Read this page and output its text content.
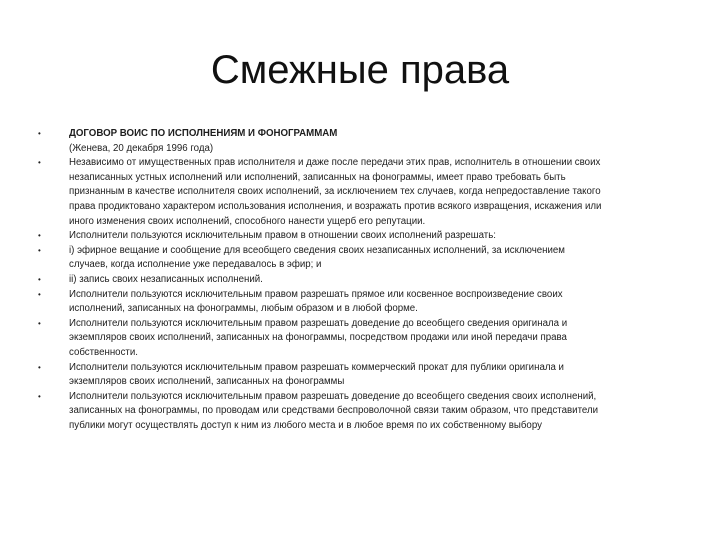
Смежные права
•	ДОГОВОР ВОИС ПО ИСПОЛНЕНИЯМ И ФОНОГРАММАМ
(Женева, 20 декабря 1996 года)
•	Независимо от имущественных прав исполнителя и даже после передачи этих прав, исполнитель в отношении своих
незаписанных устных исполнений или исполнений, записанных на фонограммы, имеет право требовать быть
признанным в качестве исполнителя своих исполнений, за исключением тех случаев, когда непредоставление такого
права продиктовано характером использования исполнения, и возражать против всякого извращения, искажения или
иного изменения своих исполнений, способного нанести ущерб его репутации.
•	Исполнители пользуются исключительным правом в отношении своих исполнений разрешать:
•	i) эфирное вещание и сообщение для всеобщего сведения своих незаписанных исполнений, за исключением
случаев, когда исполнение уже передавалось в эфир; и
•	ii) запись своих незаписанных исполнений.
•	Исполнители пользуются исключительным правом разрешать прямое или косвенное воспроизведение своих
исполнений, записанных на фонограммы, любым образом и в любой форме.
•	Исполнители пользуются исключительным правом разрешать доведение до всеобщего сведения оригинала и
экземпляров своих исполнений, записанных на фонограммы, посредством продажи или иной передачи права
собственности.
•	Исполнители пользуются исключительным правом разрешать коммерческий прокат для публики оригинала и
экземпляров своих исполнений, записанных на фонограммы
•	Исполнители пользуются исключительным правом разрешать доведение до всеобщего сведения своих исполнений,
записанных на фонограммы, по проводам или средствами беспроволочной связи таким образом, что представители
публики могут осуществлять доступ к ним из любого места и в любое время по их собственному выбору
